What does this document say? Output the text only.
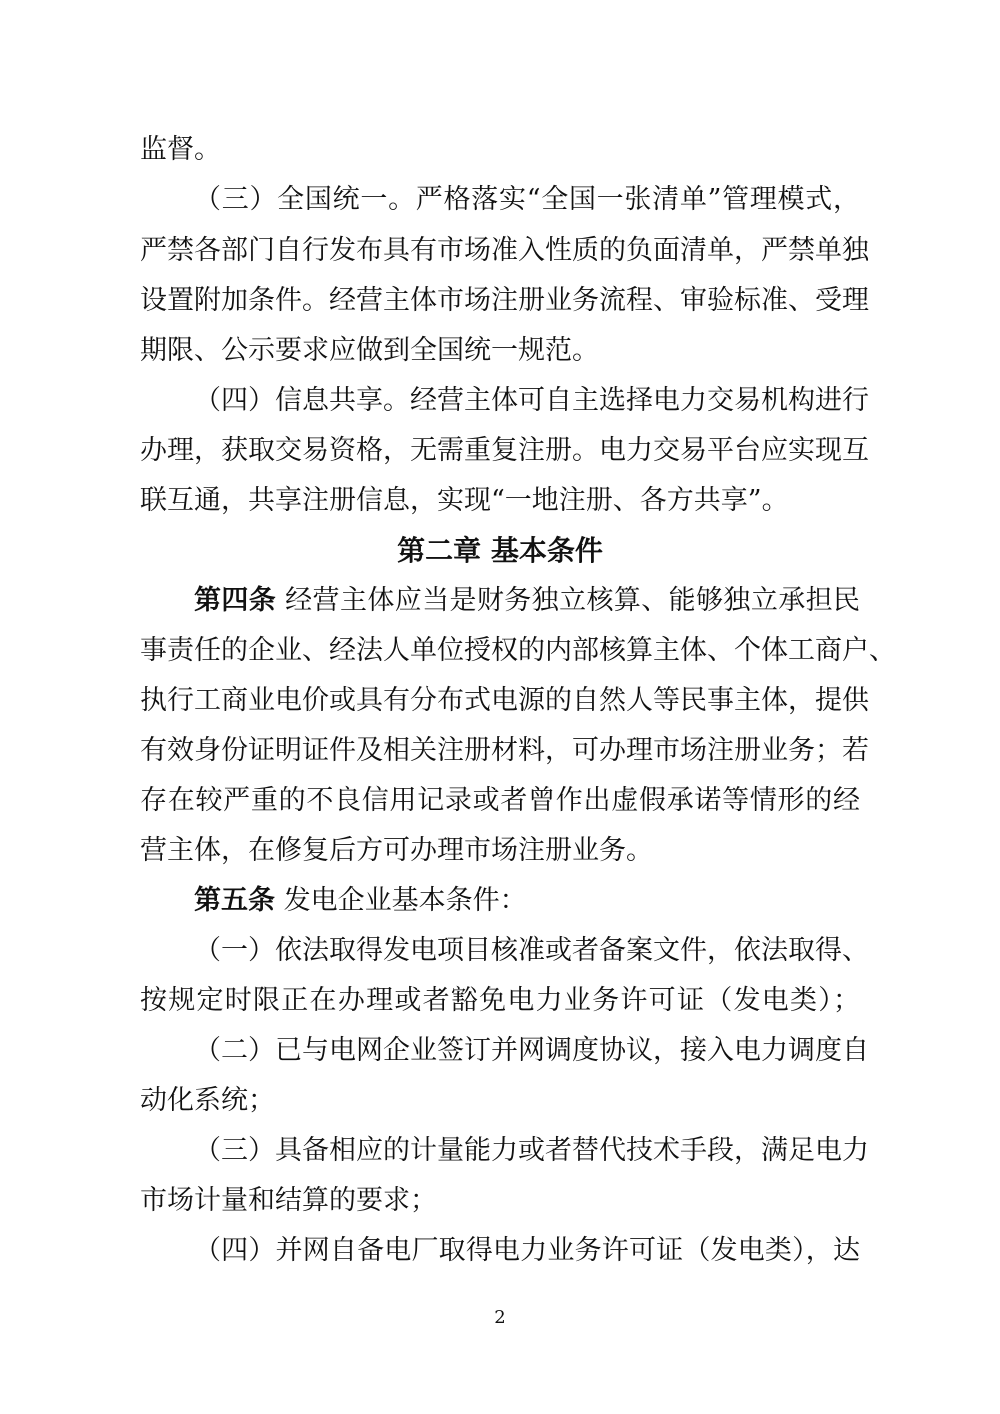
监督。
（三）全国统一。严格落实“全国一张清单”管理模式，
严禁各部门自行发布具有市场准入性质的负面清单，严禁单独
设置附加条件。经营主体市场注册业务流程、审验标准、受理
期限、公示要求应做到全国统一规范。
（四）信息共享。经营主体可自主选择电力交易机构进行
办理，获取交易资格，无需重复注册。电力交易平台应实现互
联互通，共享注册信息，实现“一地注册、各方共享”。
第二章 基本条件
第四条 经营主体应当是财务独立核算、能够独立承担民
事责任的企业、经法人单位授权的内部核算主体、个体工商户、
执行工商业电价或具有分布式电源的自然人等民事主体，提供
有效身份证明证件及相关注册材料，可办理市场注册业务；若
存在较严重的不良信用记录或者曾作出虚假承诺等情形的经
营主体，在修复后方可办理市场注册业务。
第五条 发电企业基本条件：
（一）依法取得发电项目核准或者备案文件，依法取得、
按规定时限正在办理或者豁免电力业务许可证（发电类）；
（二）已与电网企业签订并网调度协议，接入电力调度自
动化系统；
（三）具备相应的计量能力或者替代技术手段，满足电力
市场计量和结算的要求；
（四）并网自备电厂取得电力业务许可证（发电类），达
2
